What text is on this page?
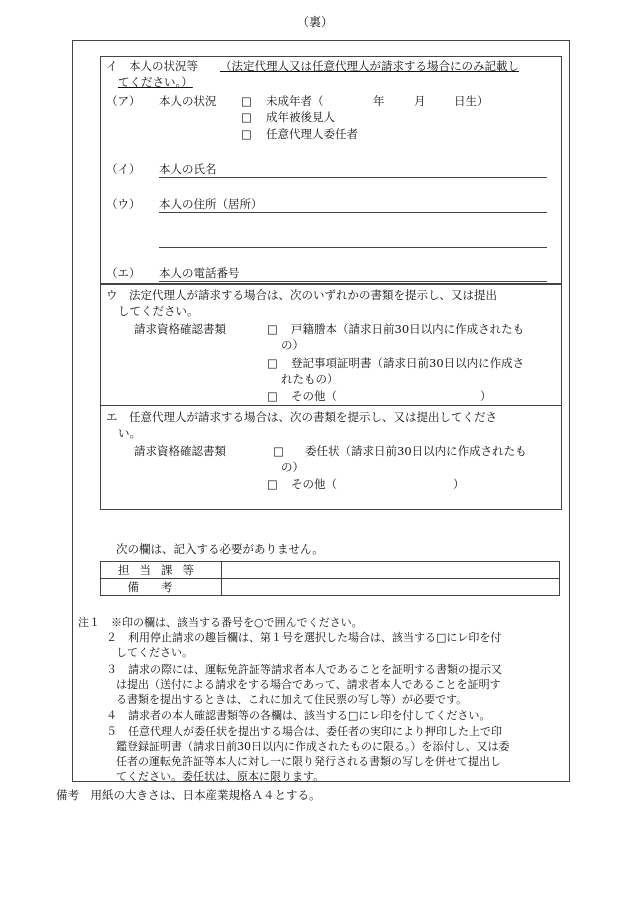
（裏）
イ　本人の状況等 （法定代理人又は任意代理人が請求する場合にのみ記載し
てください。）
（ア） 本人の状況 □ 未成年者（	年	月 日生）
□ 成年被後見人
□ 任意代理人委任者
（イ） 本人の氏名
（ウ） 本人の住所（居所）
（エ） 本人の電話番号
ウ　法定代理人が請求する場合は、次のいずれかの書類を提示し、又は提出
してください。
請求資格確認書類	□ 戸籍謄本（請求日前30日以内に作成されたも
の）
□ 登記事項証明書（請求日前30日以内に作成さ
れたもの）
□ その他（	）
エ　任意代理人が請求する場合は、次の書類を提示し、又は提出してくださ
い。
請求資格確認書類	□ 委任状（請求日前30日以内に作成されたも
の）
□ その他（	）
次の欄は、記入する必要がありません。
担当課等	
備考	
注１　※印の欄は、該当する番号を○で囲んでください。
２　利用停止請求の趣旨欄は、第１号を選択した場合は、該当する□にレ印を付
してください。
３　請求の際には、運転免許証等請求者本人であることを証明する書類の提示又
は提出（送付による請求をする場合であって、請求者本人であることを証明す
る書類を提出するときは、これに加えて住民票の写し等）が必要です。
４　請求者の本人確認書類等の各欄は、該当する□にレ印を付してください。
５　任意代理人が委任状を提出する場合は、委任者の実印により押印した上で印
鑑登録証明書（請求日前30日以内に作成されたものに限る。）を添付し、又は委
任者の運転免許証等本人に対し一に限り発行される書類の写しを併せて提出し
てください。委任状は、原本に限ります。
備考　用紙の大きさは、日本産業規格Ａ４とする。
